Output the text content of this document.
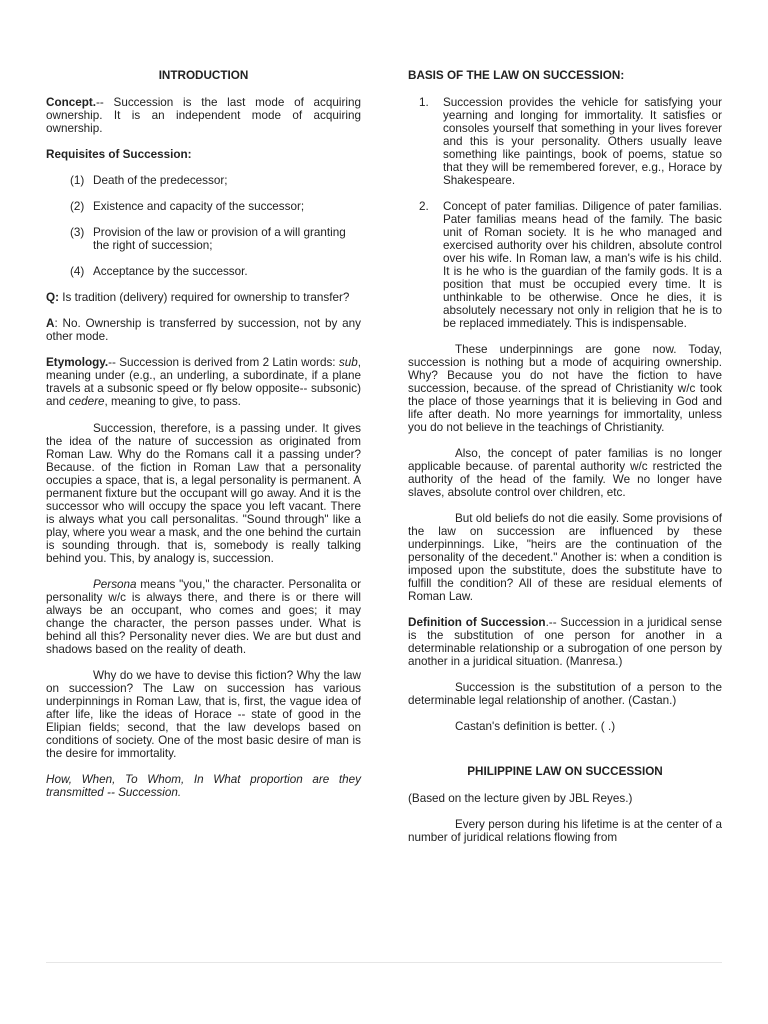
INTRODUCTION

Concept.-- Succession is the last mode of acquiring ownership. It is an independent mode of acquiring ownership.

Requisites of Succession:

(1) Death of the predecessor;
(2) Existence and capacity of the successor;
(3) Provision of the law or provision of a will granting the right of succession;
(4) Acceptance by the successor.

Q: Is tradition (delivery) required for ownership to transfer?

A: No. Ownership is transferred by succession, not by any other mode.

Etymology.-- Succession is derived from 2 Latin words: sub, meaning under (e.g., an underling, a subordinate, if a plane travels at a subsonic speed or fly below opposite-- subsonic) and cedere, meaning to give, to pass.

Succession, therefore, is a passing under. It gives the idea of the nature of succession as originated from Roman Law. Why do the Romans call it a passing under? Because. of the fiction in Roman Law that a personality occupies a space, that is, a legal personality is permanent. A permanent fixture but the occupant will go away. And it is the successor who will occupy the space you left vacant. There is always what you call personalitas. "Sound through" like a play, where you wear a mask, and the one behind the curtain is sounding through. that is, somebody is really talking behind you. This, by analogy is, succession.

Persona means "you," the character. Personalita or personality w/c is always there, and there is or there will always be an occupant, who comes and goes; it may change the character, the person passes under. What is behind all this? Personality never dies. We are but dust and shadows based on the reality of death.

Why do we have to devise this fiction? Why the law on succession? The Law on succession has various underpinnings in Roman Law, that is, first, the vague idea of after life, like the ideas of Horace -- state of good in the Elipian fields; second, that the law develops based on conditions of society. One of the most basic desire of man is the desire for immortality.

How, When, To Whom, In What proportion are they transmitted -- Succession.

BASIS OF THE LAW ON SUCCESSION:

1. Succession provides the vehicle for satisfying your yearning and longing for immortality. It satisfies or consoles yourself that something in your lives forever and this is your personality. Others usually leave something like paintings, book of poems, statue so that they will be remembered forever, e.g., Horace by Shakespeare.
2. Concept of pater familias. Diligence of pater familias. Pater familias means head of the family. The basic unit of Roman society. It is he who managed and exercised authority over his children, absolute control over his wife. In Roman law, a man's wife is his child. It is he who is the guardian of the family gods. It is a position that must be occupied every time. It is unthinkable to be otherwise. Once he dies, it is absolutely necessary not only in religion that he is to be replaced immediately. This is indispensable.

These underpinnings are gone now. Today, succession is nothing but a mode of acquiring ownership. Why? Because you do not have the fiction to have succession, because. of the spread of Christianity w/c took the place of those yearnings that it is believing in God and life after death. No more yearnings for immortality, unless you do not believe in the teachings of Christianity.

Also, the concept of pater familias is no longer applicable because. of parental authority w/c restricted the authority of the head of the family. We no longer have slaves, absolute control over children, etc.

But old beliefs do not die easily. Some provisions of the law on succession are influenced by these underpinnings. Like, "heirs are the continuation of the personality of the decedent." Another is: when a condition is imposed upon the substitute, does the substitute have to fulfill the condition? All of these are residual elements of Roman Law.

Definition of Succession.-- Succession in a juridical sense is the substitution of one person for another in a determinable relationship or a subrogation of one person by another in a juridical situation. (Manresa.)

Succession is the substitution of a person to the determinable legal relationship of another. (Castan.)

Castan's definition is better. ( .)

PHILIPPINE LAW ON SUCCESSION

(Based on the lecture given by JBL Reyes.)

Every person during his lifetime is at the center of a number of juridical relations flowing from
